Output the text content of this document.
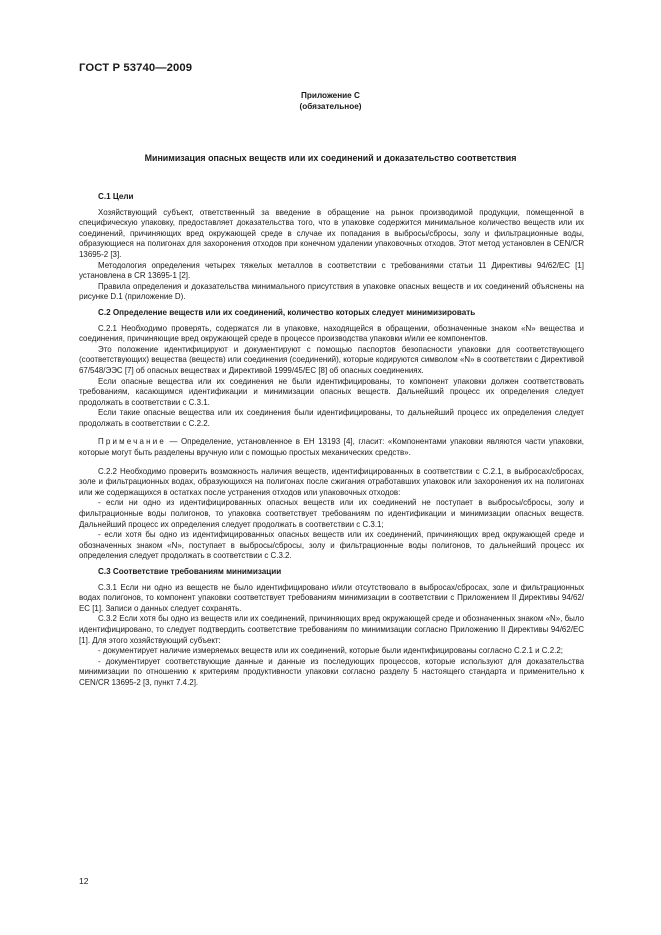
ГОСТ Р 53740—2009
Приложение С
(обязательное)
Минимизация опасных веществ или их соединений и доказательство соответствия
С.1 Цели

Хозяйствующий субъект, ответственный за введение в обращение на рынок производимой продукции, помещенной в специфическую упаковку, предоставляет доказательства того, что в упаковке содержится минимальное количество веществ или их соединений, причиняющих вред окружающей среде в случае их попадания в выбросы/сбросы, золу и фильтрационные воды, образующиеся на полигонах для захоронения отходов при конечном удалении упаковочных отходов. Этот метод установлен в CEN/CR 13695-2 [3].

Методология определения четырех тяжелых металлов в соответствии с требованиями статьи 11 Директивы 94/62/ЕС [1] установлена в CR 13695-1 [2].

Правила определения и доказательства минимального присутствия в упаковке опасных веществ и их соединений объяснены на рисунке D.1 (приложение D).

С.2 Определение веществ или их соединений, количество которых следует минимизировать

С.2.1 Необходимо проверять, содержатся ли в упаковке, находящейся в обращении, обозначенные знаком «N» вещества и соединения, причиняющие вред окружающей среде в процессе производства упаковки и/или ее компонентов.

Это положение идентифицируют и документируют с помощью паспортов безопасности упаковки для соответствующего (соответствующих) вещества (веществ) или соединения (соединений), которые кодируются символом «N» в соответствии с Директивой 67/548/ЭЭС [7] об опасных веществах и Директивой 1999/45/ЕС [8] об опасных соединениях.

Если опасные вещества или их соединения не были идентифицированы, то компонент упаковки должен соответствовать требованиям, касающимся идентификации и минимизации опасных веществ. Дальнейший процесс их определения следует продолжать в соответствии с С.3.1.

Если такие опасные вещества или их соединения были идентифицированы, то дальнейший процесс их определения следует продолжать в соответствии с С.2.2.

Примечание — Определение, установленное в ЕН 13193 [4], гласит: «Компонентами упаковки являются части упаковки, которые могут быть разделены вручную или с помощью простых механических средств».

С.2.2 Необходимо проверить возможность наличия веществ, идентифицированных в соответствии с С.2.1, в выбросах/сбросах, золе и фильтрационных водах, образующихся на полигонах после сжигания отработавших упаковок или захоронения их на полигонах или же содержащихся в остатках после устранения отходов или упаковочных отходов:

- если ни одно из идентифицированных опасных веществ или их соединений не поступает в выбросы/сбросы, золу и фильтрационные воды полигонов, то упаковка соответствует требованиям по идентификации и минимизации опасных веществ. Дальнейший процесс их определения следует продолжать в соответствии с С.3.1;

- если хотя бы одно из идентифицированных опасных веществ или их соединений, причиняющих вред окружающей среде и обозначенных знаком «N», поступает в выбросы/сбросы, золу и фильтрационные воды полигонов, то дальнейший процесс их определения следует продолжать в соответствии с С.3.2.

С.3 Соответствие требованиям минимизации

С.3.1 Если ни одно из веществ не было идентифицировано и/или отсутствовало в выбросах/сбросах, золе и фильтрационных водах полигонов, то компонент упаковки соответствует требованиям минимизации в соответствии с Приложением II Директивы 94/62/ЕС [1]. Записи о данных следует сохранять.

С.3.2 Если хотя бы одно из веществ или их соединений, причиняющих вред окружающей среде и обозначенных знаком «N», было идентифицировано, то следует подтвердить соответствие требованиям по минимизации согласно Приложению II Директивы 94/62/ЕС [1]. Для этого хозяйствующий субъект:

- документирует наличие измеряемых веществ или их соединений, которые были идентифицированы согласно С.2.1 и С.2.2;

- документирует соответствующие данные и данные из последующих процессов, которые используют для доказательства минимизации по отношению к критериям продуктивности упаковки согласно разделу 5 настоящего стандарта и применительно к CEN/CR 13695-2 [3, пункт 7.4.2].

12
